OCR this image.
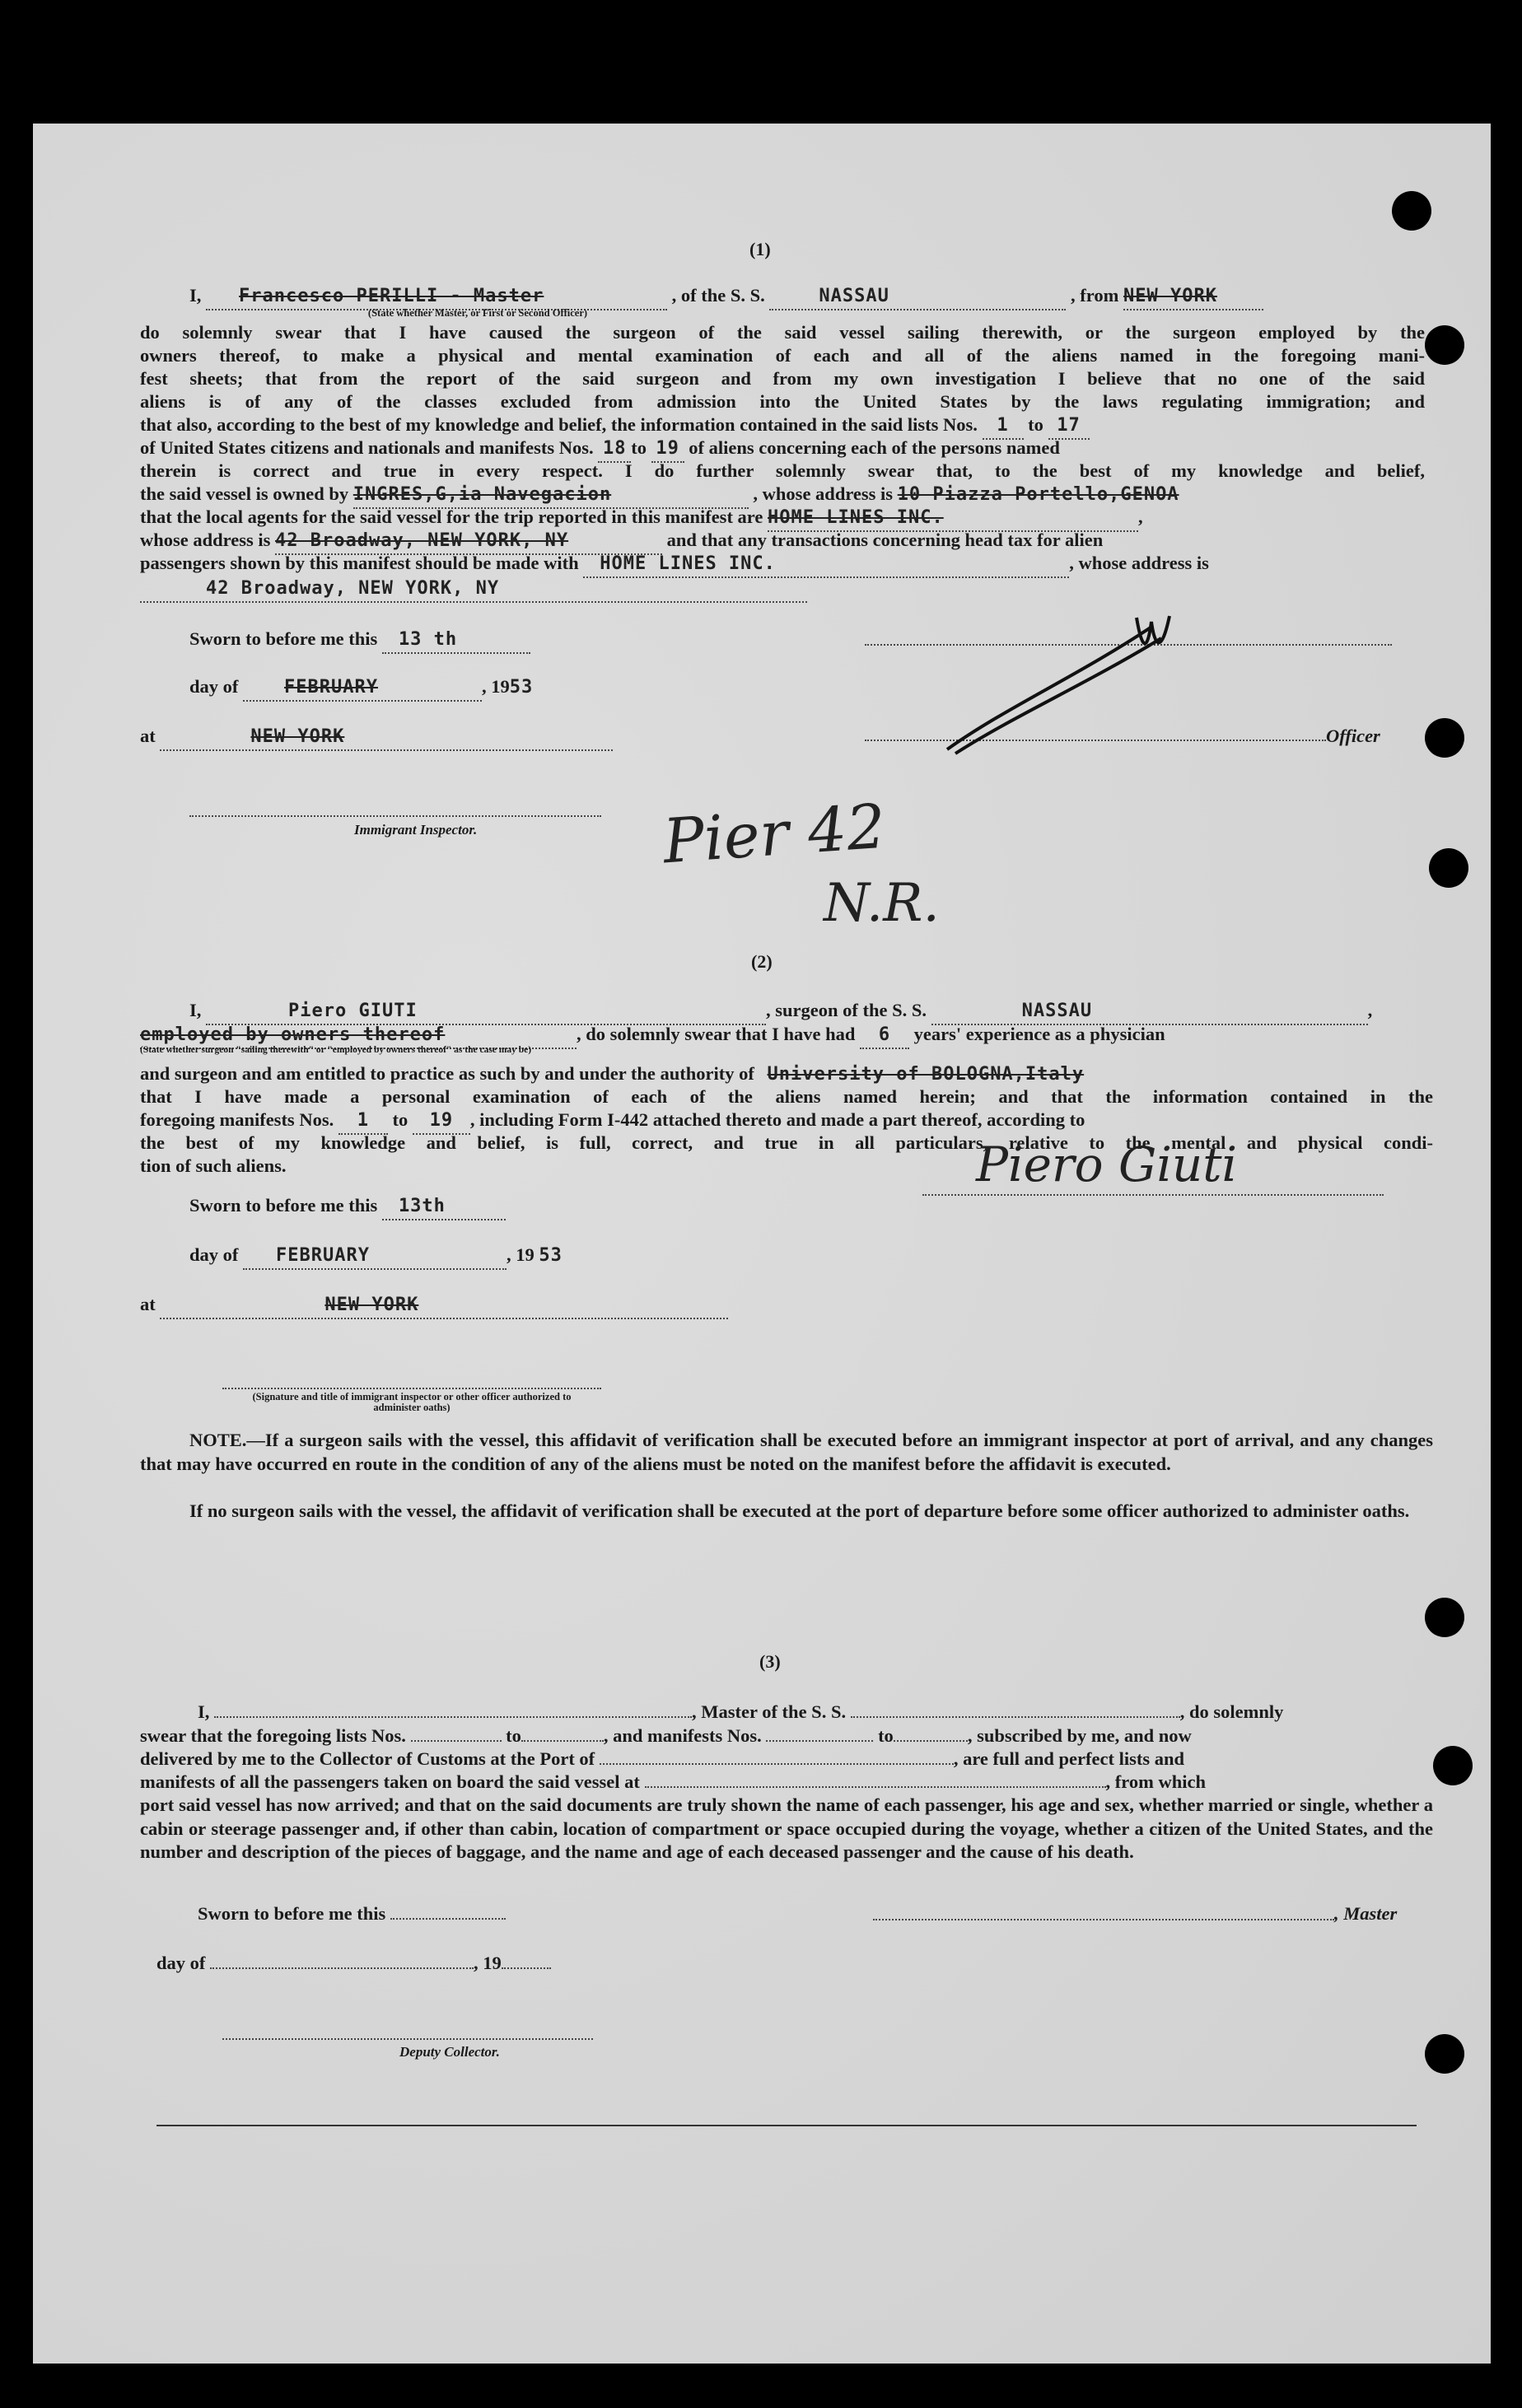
(1)
I, Francesco PERILLI - Master	, of the S. S.	NASSAU	, from NEW YORK
(State whether Master, or First or Second Officer)
do solemnly swear that I have caused the surgeon of the said vessel sailing therewith, or the surgeon employed by the
owners thereof, to make a physical and mental examination of each and all of the aliens named in the foregoing mani-
fest sheets; that from the report of the said surgeon and from my own investigation I believe that no one of the said
aliens is of any of the classes excluded from admission into the United States by the laws regulating immigration; and
that also, according to the best of my knowledge and belief, the information contained in the said lists Nos. 1 to 17
of United States citizens and nationals and manifests Nos. 18 to 19 of aliens concerning each of the persons named
therein is correct and true in every respect. I do further solemnly swear that, to the best of my knowledge and belief,
the said vessel is owned by INGRES,G,ia Navegacion	, whose address is 10 Piazza Portello,GENOA
that the local agents for the said vessel for the trip reported in this manifest are HOME LINES INC.	,
whose address is 42 Broadway, NEW YORK, NY	and that any transactions concerning head tax for alien
passengers shown by this manifest should be made with HOME LINES INC.	, whose address is
42 Broadway, NEW YORK, NY
Sworn to before me this 13 th
day of	FEBRUARY	, 1953
at	NEW YORK	Officer
Immigrant Inspector.	Pier 42
N.R.
(2)
I,	Piero GIUTI	, surgeon of the S. S.	NASSAU	,
employed by owners thereof	, do solemnly swear that I have had 6 years' experience as a physician
(State whether surgeon "sailing therewith" or "employed by owners thereof" as the case may be)
and surgeon and am entitled to practice as such by and under the authority of University of BOLOGNA,Italy
that I have made a personal examination of each of the aliens named herein; and that the information contained in the
foregoing manifests Nos. 1 to 19 , including Form I-442 attached thereto and made a part thereof, according to
the best of my knowledge and belief, is full, correct, and true in all particulars, relative to the mental and physical condi-
tion of such aliens.	Piero Giuti
Sworn to before me this 13th
day of FEBRUARY	, 19 53
at	NEW YORK
(Signature and title of immigrant inspector or other officer authorized to administer oaths)
NOTE.—If a surgeon sails with the vessel, this affidavit of verification shall be executed before an immigrant inspector at port of arrival, and any changes that may have occurred en route in the condition of any of the aliens must be noted on the manifest before the affidavit is executed.
If no surgeon sails with the vessel, the affidavit of verification shall be executed at the port of departure before some officer authorized to administer oaths.
(3)
I,	, Master of the S. S.	, do solemnly
swear that the foregoing lists Nos.	to	, and manifests Nos.	to	, subscribed by me, and now
delivered by me to the Collector of Customs at the Port of	, are full and perfect lists and
manifests of all the passengers taken on board the said vessel at	, from which
port said vessel has now arrived; and that on the said documents are truly shown the name of each passenger, his age and sex, whether married or single, whether a cabin or steerage passenger and, if other than cabin, location of compartment or space occupied during the voyage, whether a citizen of the United States, and the number and description of the pieces of baggage, and the name and age of each deceased passenger and the cause of his death.
Sworn to before me this	, Master
day of	, 19
Deputy Collector.
